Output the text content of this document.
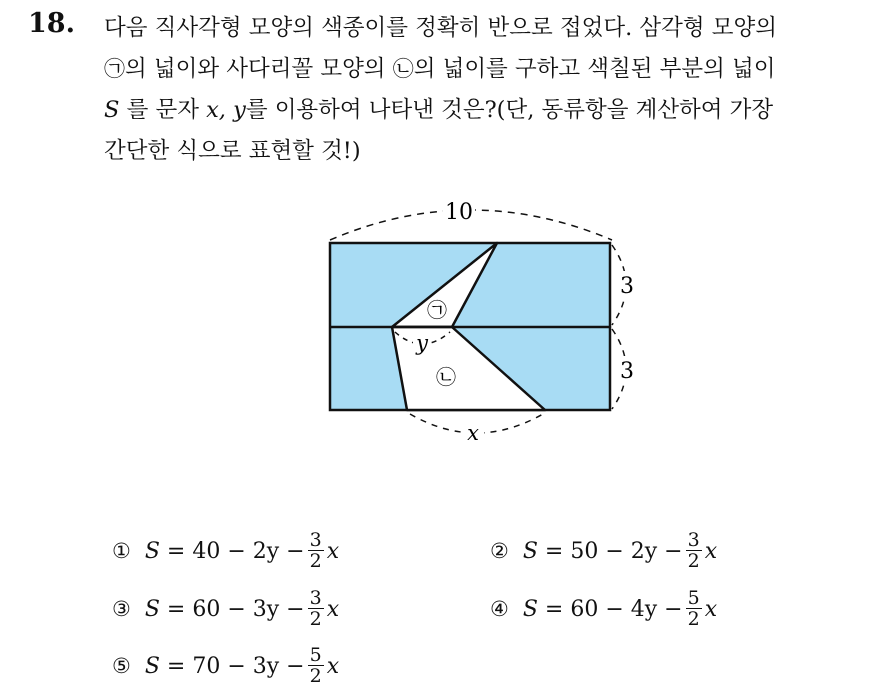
18. 다음 직사각형 모양의 색종이를 정확히 반으로 접었다. 삼각형 모양의
㉠의 넓이와 사다리꼴 모양의 ㉡의 넓이를 구하고 색칠된 부분의 넓이
S 를 문자 x, y를 이용하여 나타낸 것은?(단, 동류항을 계산하여 가장
간단한 식으로 표현할 것!)
10
3
3
y
x
㉠
㉡
① S
= $40 - 2y - \frac{3}{2}$ x	② S
= $50 - 2y - \frac{3}{2}$ x
③ S
= $60 - 3y - \frac{3}{2}$ x	④ S
= $60 - 4y - \frac{5}{2}$ x
⑤ S
= $70 - 3y - \frac{5}{2}$ x
